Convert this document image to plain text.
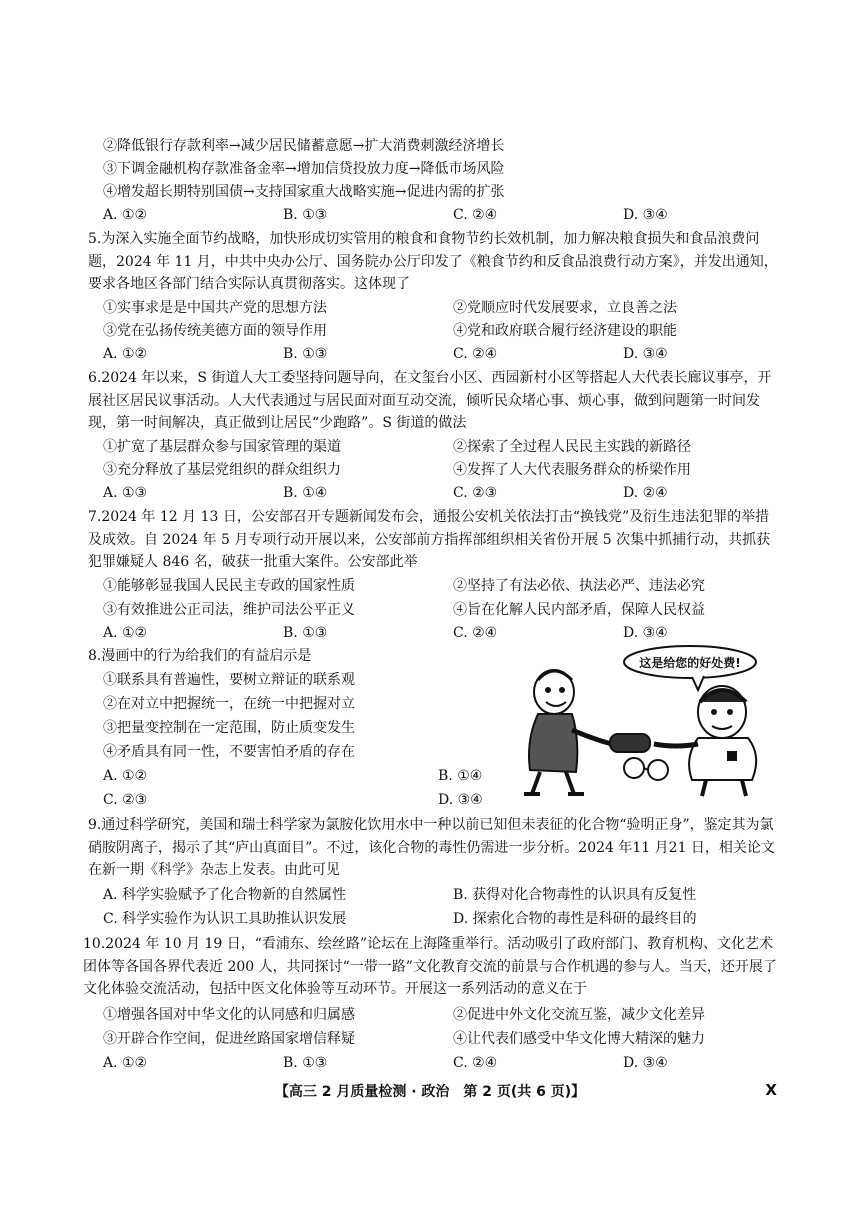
②降低银行存款利率→减少居民储蓄意愿→扩大消费刺激经济增长
③下调金融机构存款准备金率→增加信贷投放力度→降低市场风险
④增发超长期特别国债→支持国家重大战略实施→促进内需的扩张
A. ①②	B. ①③	C. ②④	D. ③④
5.为深入实施全面节约战略，加快形成切实管用的粮食和食物节约长效机制，加力解决粮食损失和食品浪费问题，2024 年 11 月，中共中央办公厅、国务院办公厅印发了《粮食节约和反食品浪费行动方案》，并发出通知，要求各地区各部门结合实际认真贯彻落实。这体现了
①实事求是是中国共产党的思想方法	②党顺应时代发展要求，立良善之法
③党在弘扬传统美德方面的领导作用	④党和政府联合履行经济建设的职能
A. ①②	B. ①③	C. ②④	D. ③④
6.2024 年以来，S 街道人大工委坚持问题导向，在文玺台小区、西园新村小区等搭起人大代表长廊议事亭，开展社区居民议事活动。人大代表通过与居民面对面互动交流，倾听民众堵心事、烦心事，做到问题第一时间发现，第一时间解决，真正做到让居民“少跑路”。S 街道的做法
①扩宽了基层群众参与国家管理的渠道	②探索了全过程人民民主实践的新路径
③充分释放了基层党组织的群众组织力	④发挥了人大代表服务群众的桥梁作用
A. ①③	B. ①④	C. ②③	D. ②④
7.2024 年 12 月 13 日，公安部召开专题新闻发布会，通报公安机关依法打击“换钱党”及衍生违法犯罪的举措及成效。自 2024 年 5 月专项行动开展以来，公安部前方指挥部组织相关省份开展 5 次集中抓捕行动，共抓获犯罪嫌疑人 846 名，破获一批重大案件。公安部此举
①能够彰显我国人民民主专政的国家性质	②坚持了有法必依、执法必严、违法必究
③有效推进公正司法，维护司法公平正义	④旨在化解人民内部矛盾，保障人民权益
A. ①②	B. ①③	C. ②④	D. ③④
8.漫画中的行为给我们的有益启示是
①联系具有普遍性，要树立辩证的联系观
②在对立中把握统一，在统一中把握对立
③把量变控制在一定范围，防止质变发生
④矛盾具有同一性，不要害怕矛盾的存在
A. ①②	B. ①④
C. ②③	D. ③④
这是给您的好处费!
9.通过科学研究，美国和瑞士科学家为氯胺化饮用水中一种以前已知但未表征的化合物“验明正身”，鉴定其为氯硝胺阴离子，揭示了其“庐山真面目”。不过，该化合物的毒性仍需进一步分析。2024 年11 月21 日，相关论文在新一期《科学》杂志上发表。由此可见
A. 科学实验赋予了化合物新的自然属性	B. 获得对化合物毒性的认识具有反复性
C. 科学实验作为认识工具助推认识发展	D. 探索化合物的毒性是科研的最终目的
10.2024 年 10 月 19 日，“看浦东、绘丝路”论坛在上海隆重举行。活动吸引了政府部门、教育机构、文化艺术团体等各国各界代表近 200 人，共同探讨“一带一路”文化教育交流的前景与合作机遇的参与人。当天，还开展了文化体验交流活动，包括中医文化体验等互动环节。开展这一系列活动的意义在于
①增强各国对中华文化的认同感和归属感	②促进中外文化交流互鉴，减少文化差异
③开辟合作空间，促进丝路国家增信释疑	④让代表们感受中华文化博大精深的魅力
A. ①②	B. ①③	C. ②④	D. ③④
【高三 2 月质量检测 · 政治　第 2 页(共 6 页)】	X
